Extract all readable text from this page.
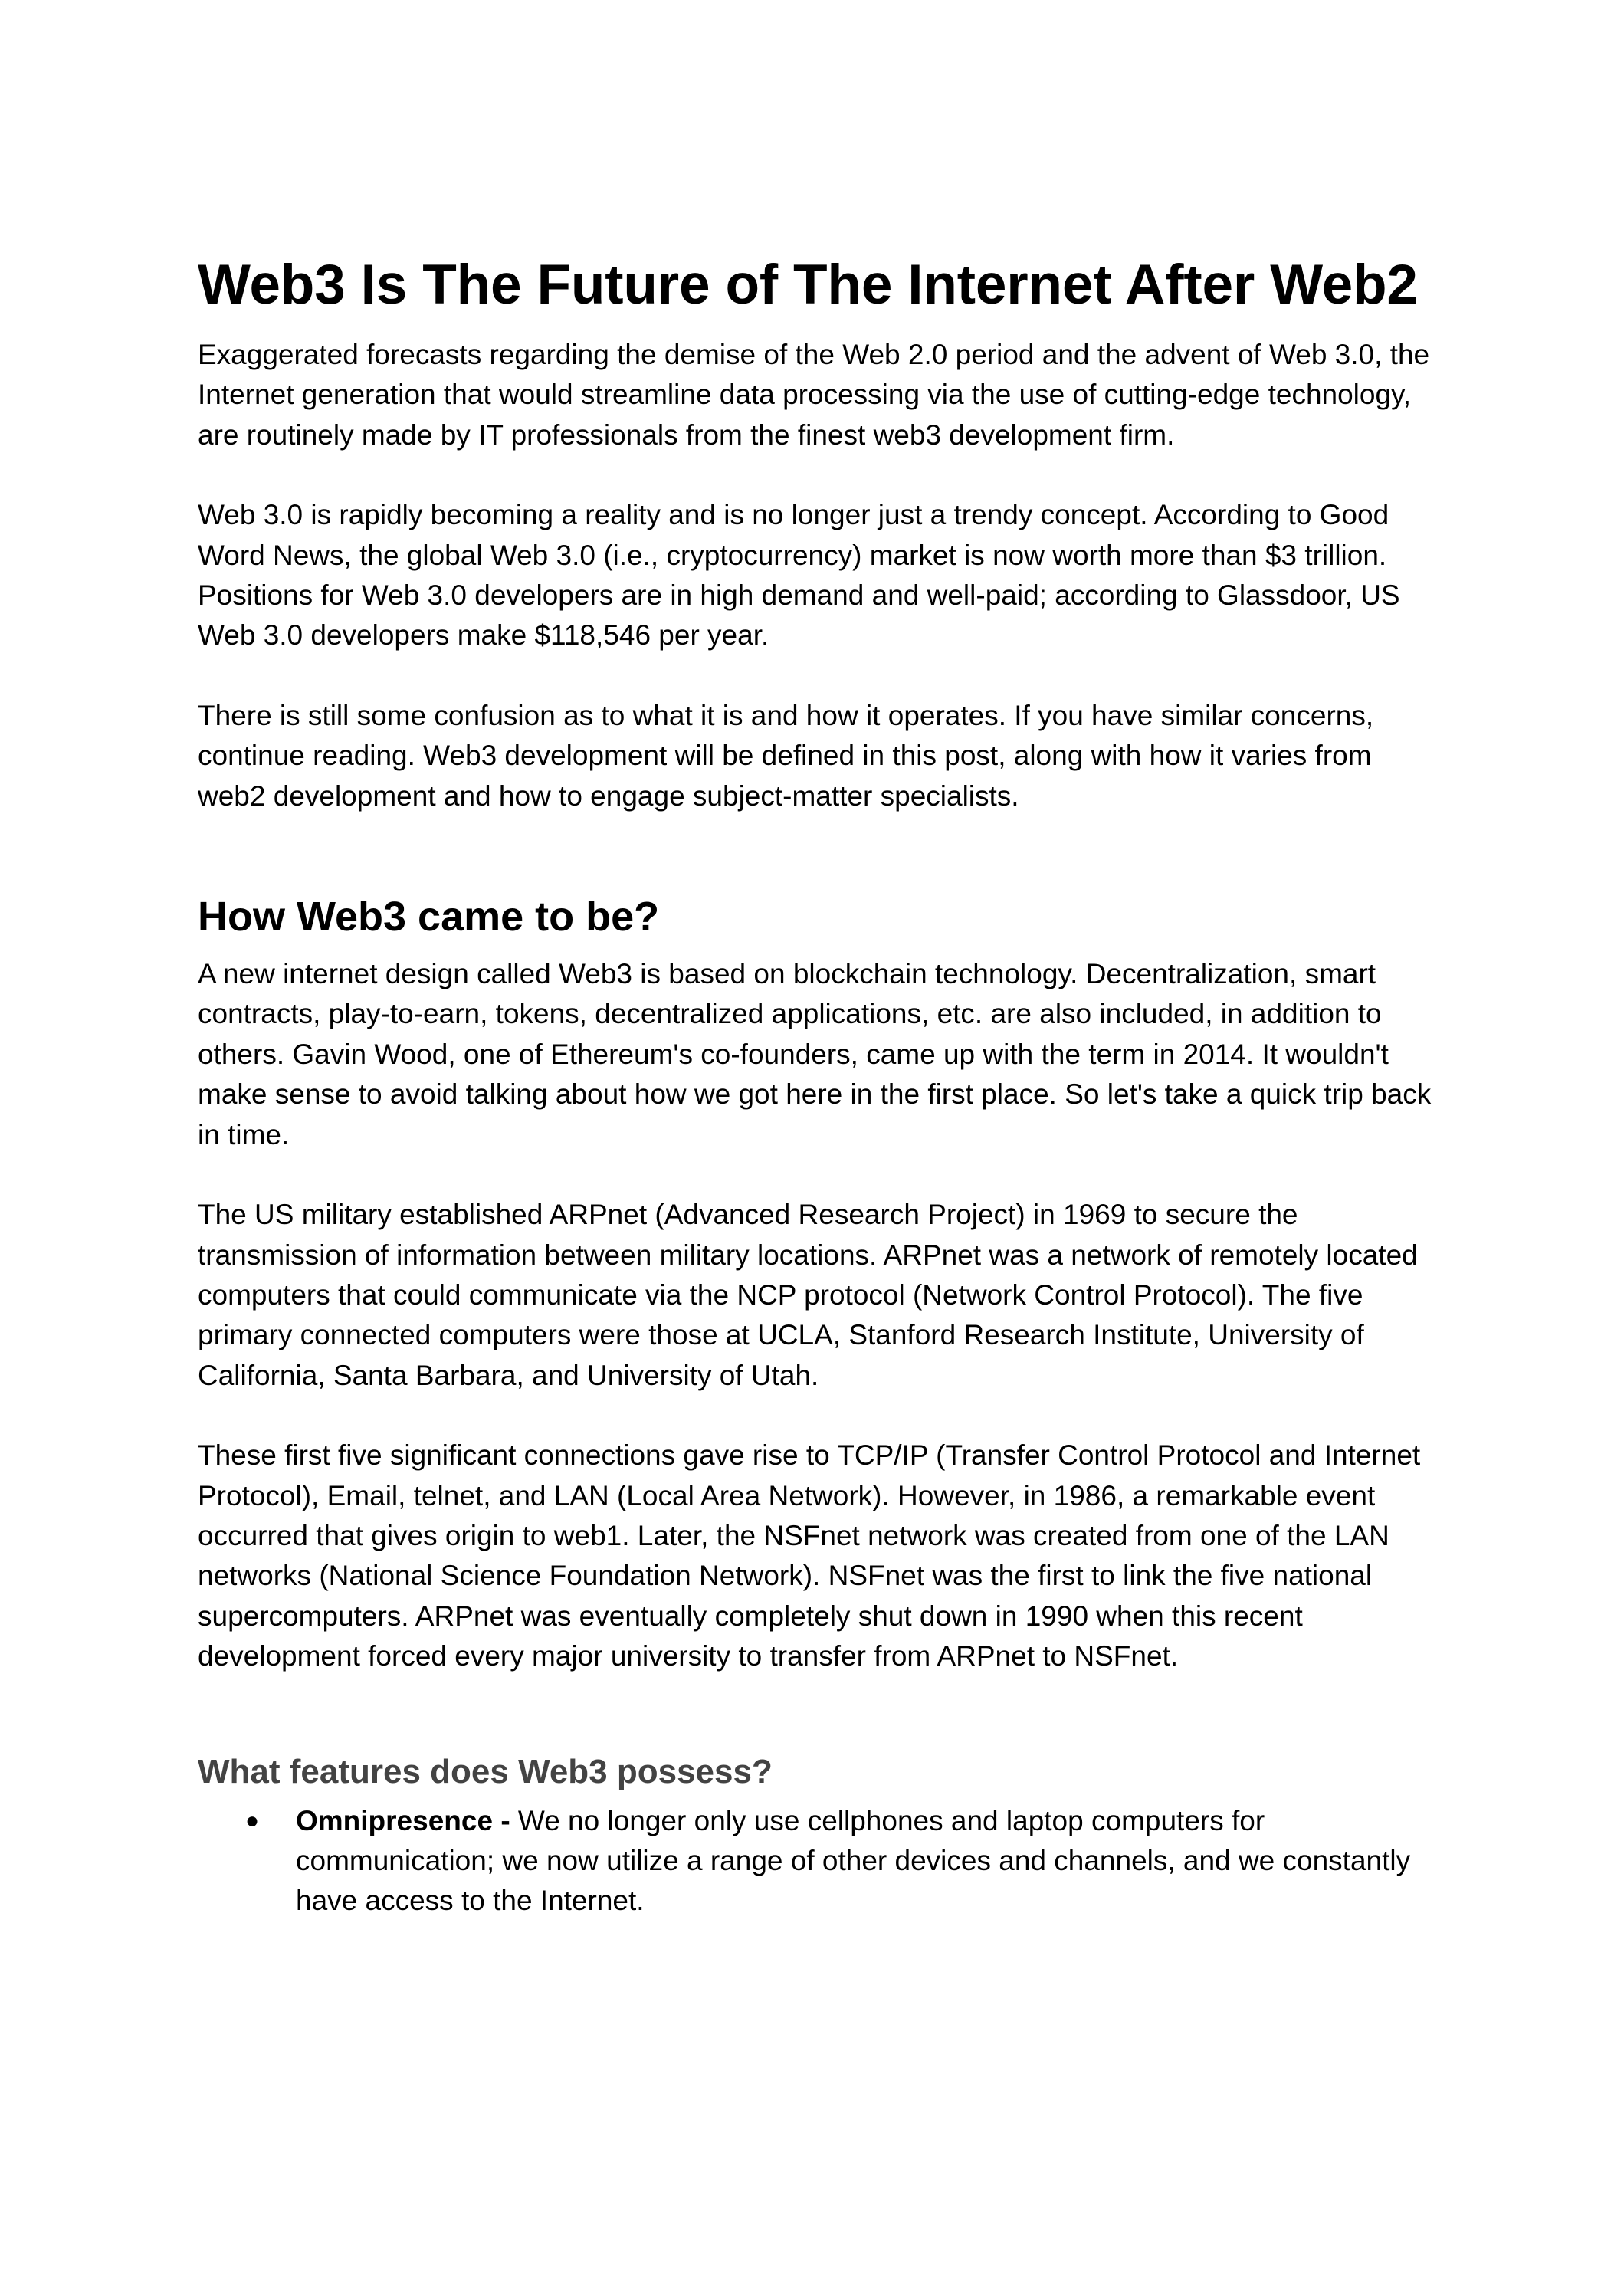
Web3 Is The Future of The Internet After Web2

Exaggerated forecasts regarding the demise of the Web 2.0 period and the advent of Web 3.0, the Internet generation that would streamline data processing via the use of cutting-edge technology, are routinely made by IT professionals from the finest web3 development firm.

Web 3.0 is rapidly becoming a reality and is no longer just a trendy concept. According to Good Word News, the global Web 3.0 (i.e., cryptocurrency) market is now worth more than $3 trillion. Positions for Web 3.0 developers are in high demand and well-paid; according to Glassdoor, US Web 3.0 developers make $118,546 per year.

There is still some confusion as to what it is and how it operates. If you have similar concerns, continue reading. Web3 development will be defined in this post, along with how it varies from web2 development and how to engage subject-matter specialists.

How Web3 came to be?

A new internet design called Web3 is based on blockchain technology. Decentralization, smart contracts, play-to-earn, tokens, decentralized applications, etc. are also included, in addition to others. Gavin Wood, one of Ethereum's co-founders, came up with the term in 2014. It wouldn't make sense to avoid talking about how we got here in the first place. So let's take a quick trip back in time.

The US military established ARPnet (Advanced Research Project) in 1969 to secure the transmission of information between military locations. ARPnet was a network of remotely located computers that could communicate via the NCP protocol (Network Control Protocol). The five primary connected computers were those at UCLA, Stanford Research Institute, University of California, Santa Barbara, and University of Utah.

These first five significant connections gave rise to TCP/IP (Transfer Control Protocol and Internet Protocol), Email, telnet, and LAN (Local Area Network). However, in 1986, a remarkable event occurred that gives origin to web1. Later, the NSFnet network was created from one of the LAN networks (National Science Foundation Network). NSFnet was the first to link the five national supercomputers. ARPnet was eventually completely shut down in 1990 when this recent development forced every major university to transfer from ARPnet to NSFnet.

What features does Web3 possess?
● Omnipresence - We no longer only use cellphones and laptop computers for communication; we now utilize a range of other devices and channels, and we constantly have access to the Internet.
